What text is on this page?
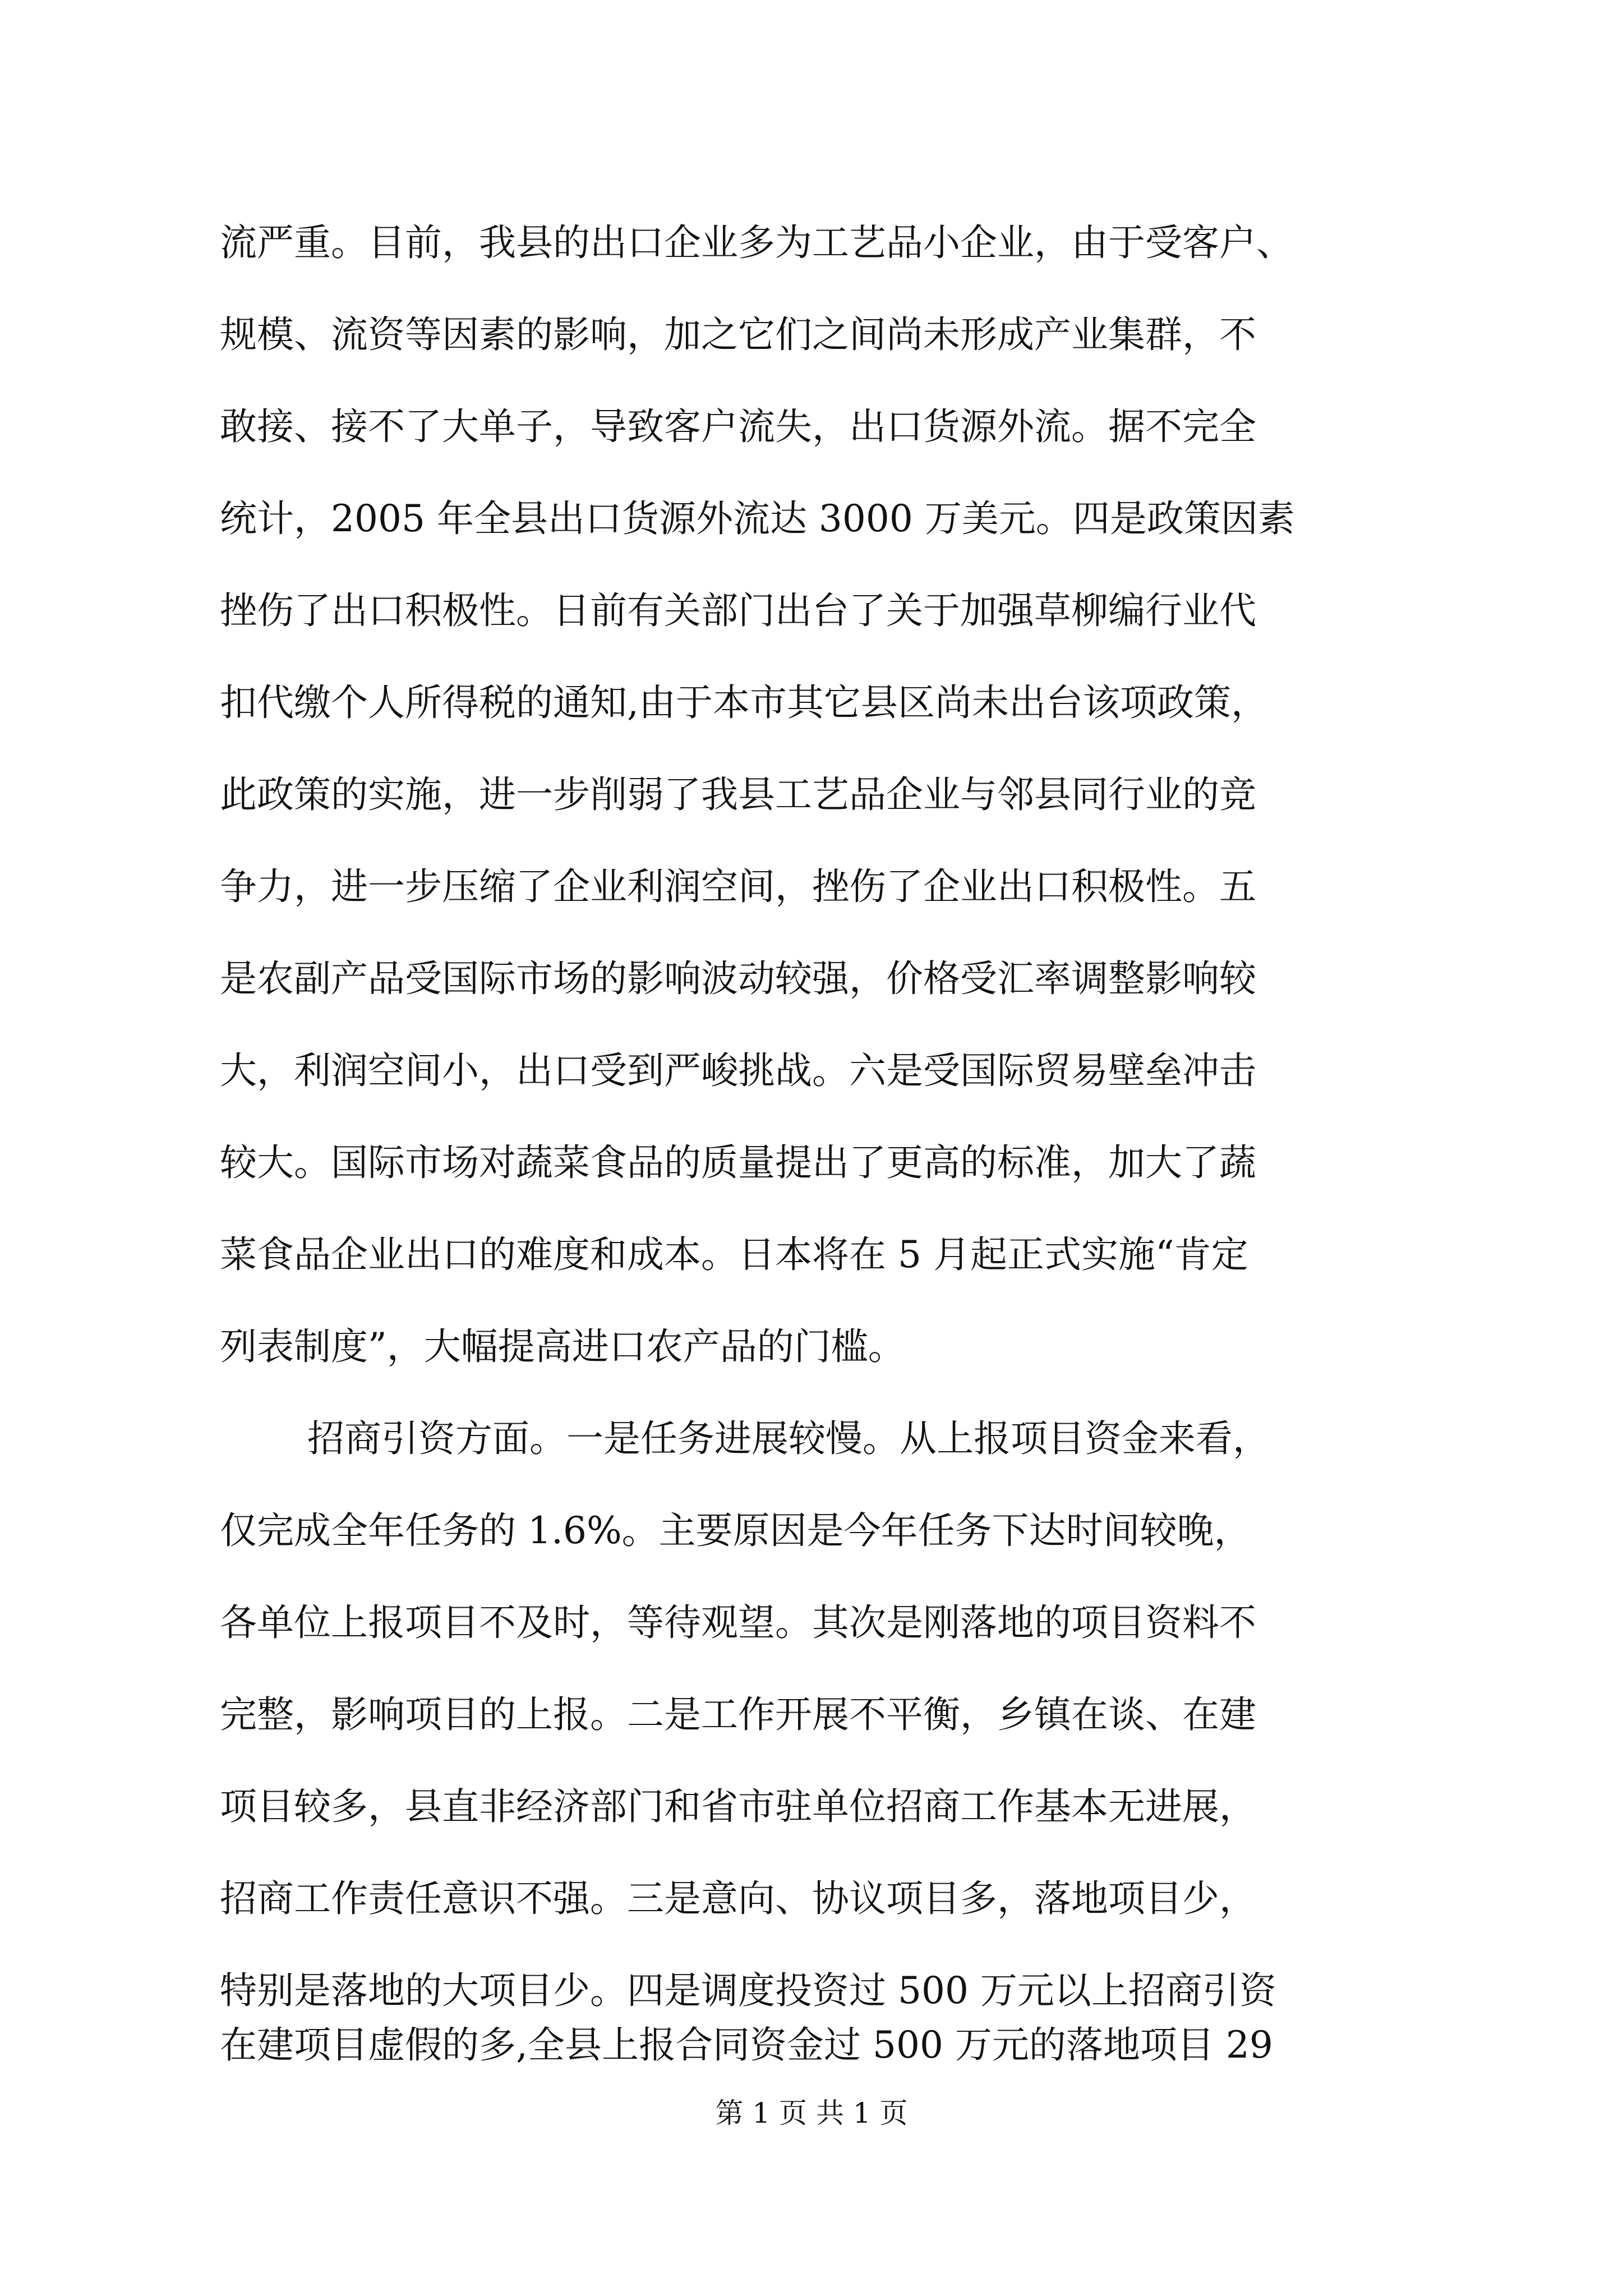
流严重。目前，我县的出口企业多为工艺品小企业，由于受客户、
规模、流资等因素的影响，加之它们之间尚未形成产业集群，不
敢接、接不了大单子，导致客户流失，出口货源外流。据不完全
统计，2005 年全县出口货源外流达 3000 万美元。四是政策因素
挫伤了出口积极性。日前有关部门出台了关于加强草柳编行业代
扣代缴个人所得税的通知,由于本市其它县区尚未出台该项政策，
此政策的实施，进一步削弱了我县工艺品企业与邻县同行业的竞
争力，进一步压缩了企业利润空间，挫伤了企业出口积极性。五
是农副产品受国际市场的影响波动较强，价格受汇率调整影响较
大，利润空间小，出口受到严峻挑战。六是受国际贸易壁垒冲击
较大。国际市场对蔬菜食品的质量提出了更高的标准，加大了蔬
菜食品企业出口的难度和成本。日本将在 5 月起正式实施“肯定
列表制度”，大幅提高进口农产品的门槛。
招商引资方面。一是任务进展较慢。从上报项目资金来看，
仅完成全年任务的 1.6%。主要原因是今年任务下达时间较晚，
各单位上报项目不及时，等待观望。其次是刚落地的项目资料不
完整，影响项目的上报。二是工作开展不平衡，乡镇在谈、在建
项目较多，县直非经济部门和省市驻单位招商工作基本无进展，
招商工作责任意识不强。三是意向、协议项目多，落地项目少，
特别是落地的大项目少。四是调度投资过 500 万元以上招商引资
在建项目虚假的多,全县上报合同资金过 500 万元的落地项目 29
第 1 页 共 1 页
